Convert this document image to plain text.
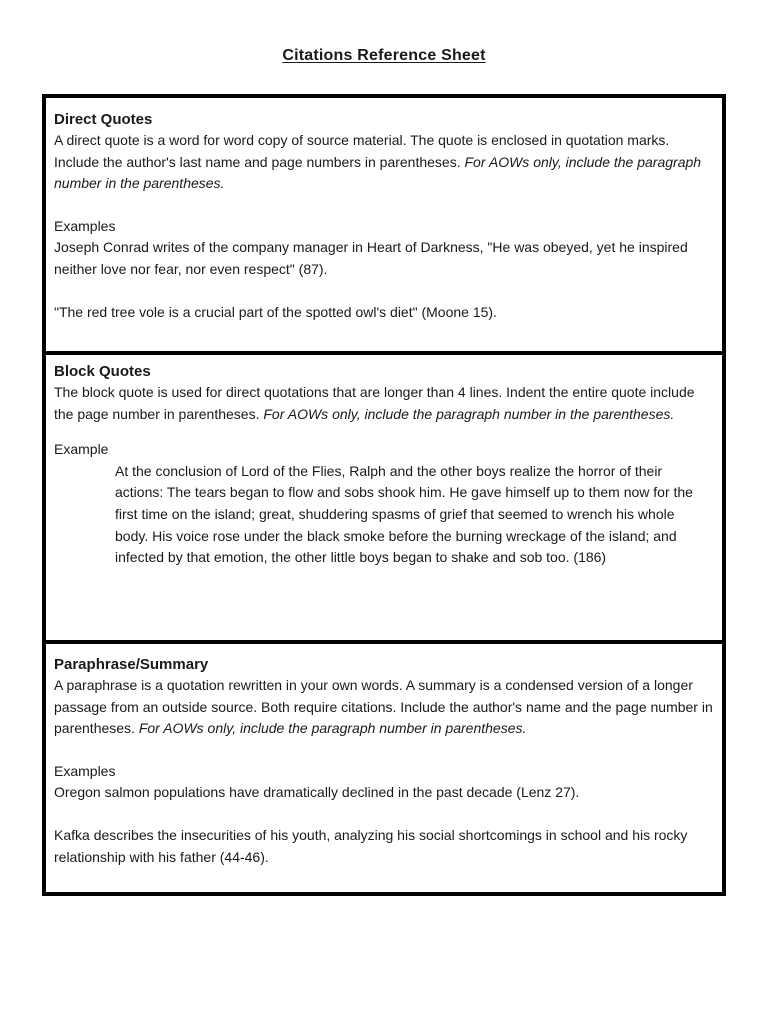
Citations Reference Sheet
Direct Quotes

A direct quote is a word for word copy of source material. The quote is enclosed in quotation marks. Include the author's last name and page numbers in parentheses. For AOWs only, include the paragraph number in the parentheses.

Examples

Joseph Conrad writes of the company manager in Heart of Darkness, "He was obeyed, yet he inspired neither love nor fear, nor even respect" (87).

"The red tree vole is a crucial part of the spotted owl's diet" (Moone 15).

Block Quotes

The block quote is used for direct quotations that are longer than 4 lines. Indent the entire quote include the page number in parentheses. For AOWs only, include the paragraph number in the parentheses.

Example

At the conclusion of Lord of the Flies, Ralph and the other boys realize the horror of their actions: The tears began to flow and sobs shook him. He gave himself up to them now for the first time on the island; great, shuddering spasms of grief that seemed to wrench his whole body. His voice rose under the black smoke before the burning wreckage of the island; and infected by that emotion, the other little boys began to shake and sob too. (186)

Paraphrase/Summary

A paraphrase is a quotation rewritten in your own words. A summary is a condensed version of a longer passage from an outside source. Both require citations. Include the author's name and the page number in parentheses. For AOWs only, include the paragraph number in parentheses.

Examples

Oregon salmon populations have dramatically declined in the past decade (Lenz 27).

Kafka describes the insecurities of his youth, analyzing his social shortcomings in school and his rocky relationship with his father (44-46).
